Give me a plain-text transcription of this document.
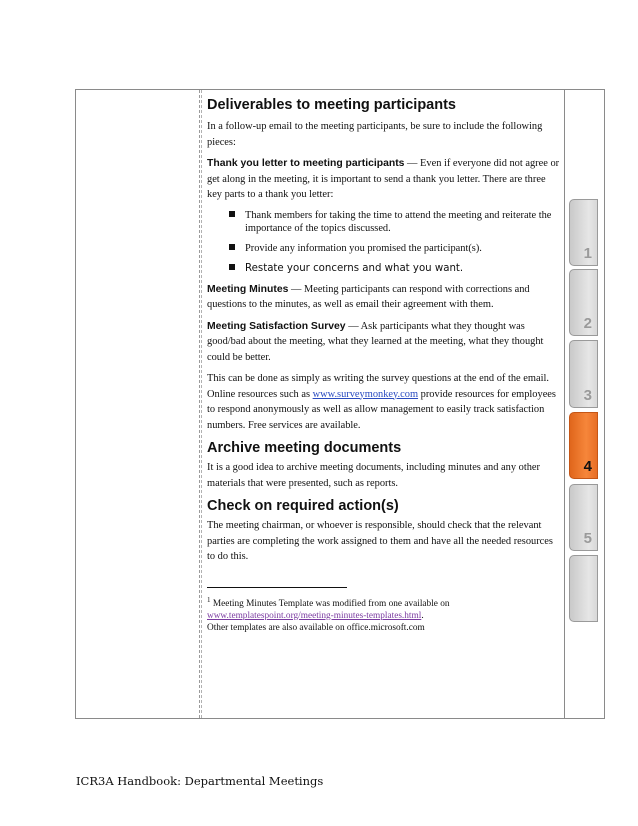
Deliverables to meeting participants

In a follow-up email to the meeting participants, be sure to include the following pieces:

Thank you letter to meeting participants — Even if everyone did not agree or get along in the meeting, it is important to send a thank you letter. There are three key parts to a thank you letter:

Thank members for taking the time to attend the meeting and reiterate the importance of the topics discussed.
Provide any information you promised the participant(s).
Restate your concerns and what you want.

Meeting Minutes — Meeting participants can respond with corrections and questions to the minutes, as well as email their agreement with them.

Meeting Satisfaction Survey — Ask participants what they thought was good/bad about the meeting, what they learned at the meeting, what they thought could be better.

This can be done as simply as writing the survey questions at the end of the email. Online resources such as www.surveymonkey.com provide resources for employees to respond anonymously as well as allow management to easily track satisfaction numbers. Free services are available.

Archive meeting documents

It is a good idea to archive meeting documents, including minutes and any other materials that were presented, such as reports.

Check on required action(s)

The meeting chairman, or whoever is responsible, should check that the relevant parties are completing the work assigned to them and have all the needed resources to do this.

$^1$ Meeting Minutes Template was modified from one available on
www.templatespoint.org/meeting-minutes-templates.html.
Other templates are also available on office.microsoft.com
1
2
3
4
5
ICR3A Handbook: Departmental Meetings
